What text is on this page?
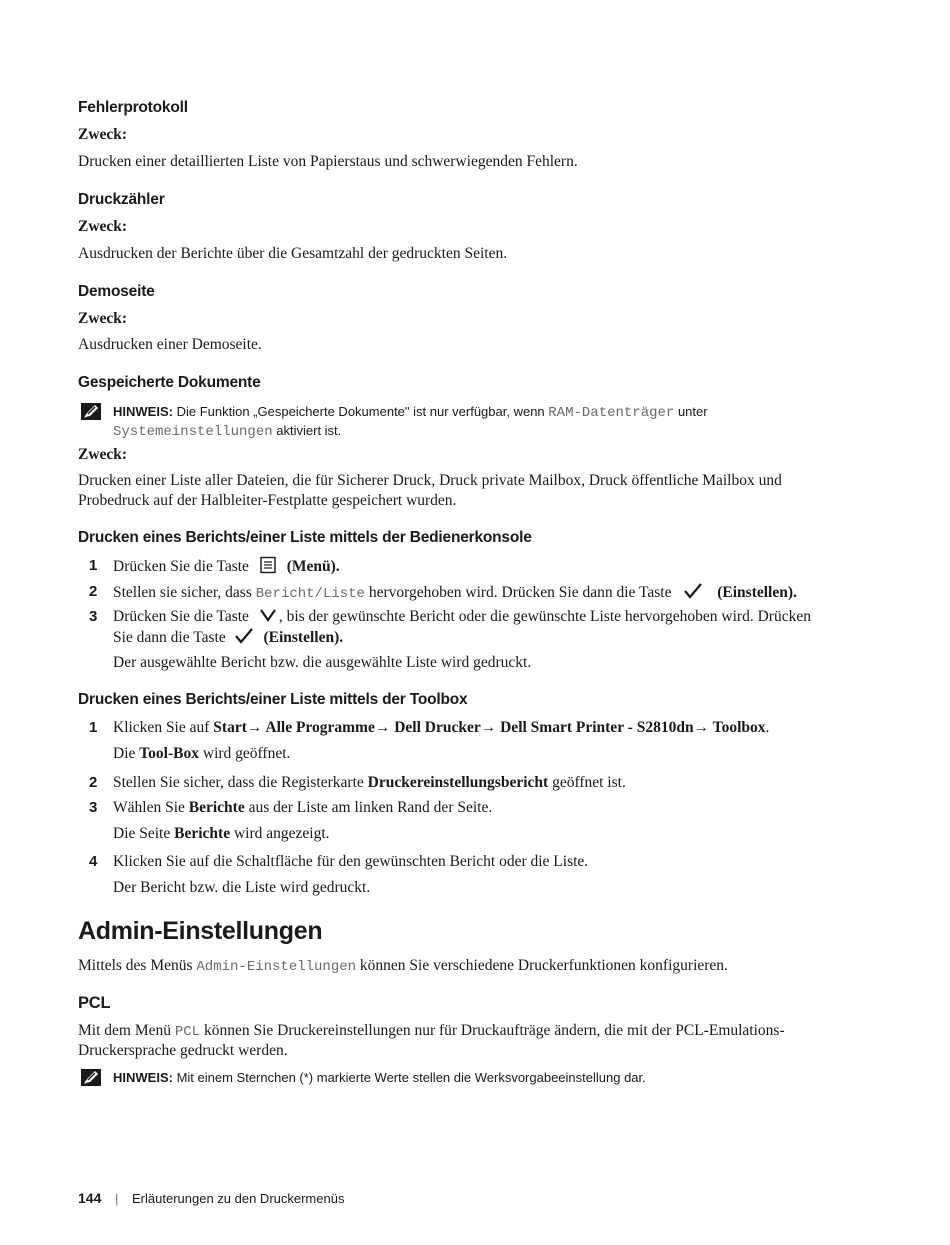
Fehlerprotokoll
Zweck:
Drucken einer detaillierten Liste von Papierstaus und schwerwiegenden Fehlern.
Druckzähler
Zweck:
Ausdrucken der Berichte über die Gesamtzahl der gedruckten Seiten.
Demoseite
Zweck:
Ausdrucken einer Demoseite.
Gespeicherte Dokumente
HINWEIS: Die Funktion „Gespeicherte Dokumente" ist nur verfügbar, wenn RAM-Datenträger unter
Systemeinstellungen aktiviert ist.
Zweck:
Drucken einer Liste aller Dateien, die für Sicherer Druck, Druck private Mailbox, Druck öffentliche Mailbox und
Probedruck auf der Halbleiter-Festplatte gespeichert wurden.
Drucken eines Berichts/einer Liste mittels der Bedienerkonsole
1 Drücken Sie die Taste (Menü).
2 Stellen sie sicher, dass Bericht/Liste hervorgehoben wird. Drücken Sie dann die Taste	(Einstellen).
3 Drücken Sie die Taste , bis der gewünschte Bericht oder die gewünschte Liste hervorgehoben wird. Drücken
Sie dann die Taste (Einstellen).
Der ausgewählte Bericht bzw. die ausgewählte Liste wird gedruckt.
Drucken eines Berichts/einer Liste mittels der Toolbox
1 Klicken Sie auf Start→ Alle Programme→ Dell Drucker→ Dell Smart Printer - S2810dn→ Toolbox.
Die Tool-Box wird geöffnet.
2 Stellen Sie sicher, dass die Registerkarte Druckereinstellungsbericht geöffnet ist.
3 Wählen Sie Berichte aus der Liste am linken Rand der Seite.
Die Seite Berichte wird angezeigt.
4 Klicken Sie auf die Schaltfläche für den gewünschten Bericht oder die Liste.
Der Bericht bzw. die Liste wird gedruckt.
Admin-Einstellungen
Mittels des Menüs Admin-Einstellungen können Sie verschiedene Druckerfunktionen konfigurieren.
PCL
Mit dem Menü PCL können Sie Druckereinstellungen nur für Druckaufträge ändern, die mit der PCL-Emulations-
Druckersprache gedruckt werden.
HINWEIS: Mit einem Sternchen (*) markierte Werte stellen die Werksvorgabeeinstellung dar.
144 | Erläuterungen zu den Druckermenüs
